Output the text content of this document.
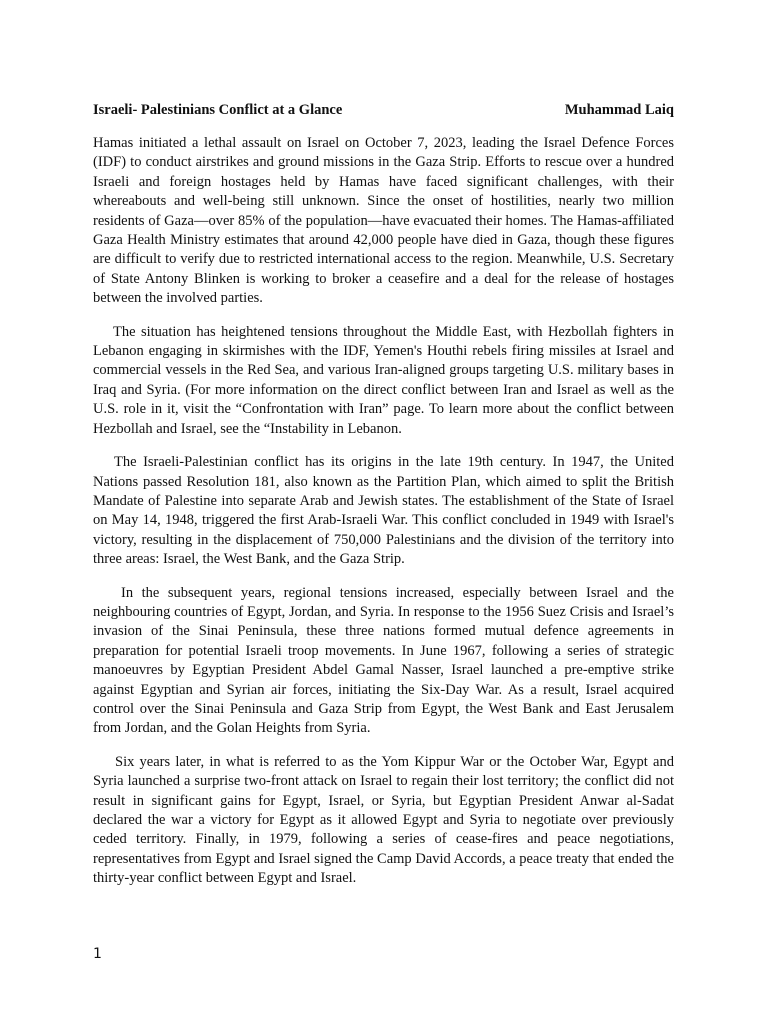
Israeli- Palestinians Conflict at a Glance	Muhammad Laiq

Hamas initiated a lethal assault on Israel on October 7, 2023, leading the Israel Defence Forces (IDF) to conduct airstrikes and ground missions in the Gaza Strip. Efforts to rescue over a hundred Israeli and foreign hostages held by Hamas have faced significant challenges, with their whereabouts and well-being still unknown. Since the onset of hostilities, nearly two million residents of Gaza—over 85% of the population—have evacuated their homes. The Hamas-affiliated Gaza Health Ministry estimates that around 42,000 people have died in Gaza, though these figures are difficult to verify due to restricted international access to the region. Meanwhile, U.S. Secretary of State Antony Blinken is working to broker a ceasefire and a deal for the release of hostages between the involved parties.

The situation has heightened tensions throughout the Middle East, with Hezbollah fighters in Lebanon engaging in skirmishes with the IDF, Yemen's Houthi rebels firing missiles at Israel and commercial vessels in the Red Sea, and various Iran-aligned groups targeting U.S. military bases in Iraq and Syria. (For more information on the direct conflict between Iran and Israel as well as the U.S. role in it, visit the “Confrontation with Iran” page. To learn more about the conflict between Hezbollah and Israel, see the “Instability in Lebanon.

The Israeli-Palestinian conflict has its origins in the late 19th century. In 1947, the United Nations passed Resolution 181, also known as the Partition Plan, which aimed to split the British Mandate of Palestine into separate Arab and Jewish states. The establishment of the State of Israel on May 14, 1948, triggered the first Arab-Israeli War. This conflict concluded in 1949 with Israel's victory, resulting in the displacement of 750,000 Palestinians and the division of the territory into three areas: Israel, the West Bank, and the Gaza Strip.

In the subsequent years, regional tensions increased, especially between Israel and the neighbouring countries of Egypt, Jordan, and Syria. In response to the 1956 Suez Crisis and Israel’s invasion of the Sinai Peninsula, these three nations formed mutual defence agreements in preparation for potential Israeli troop movements. In June 1967, following a series of strategic manoeuvres by Egyptian President Abdel Gamal Nasser, Israel launched a pre-emptive strike against Egyptian and Syrian air forces, initiating the Six-Day War. As a result, Israel acquired control over the Sinai Peninsula and Gaza Strip from Egypt, the West Bank and East Jerusalem from Jordan, and the Golan Heights from Syria.

Six years later, in what is referred to as the Yom Kippur War or the October War, Egypt and Syria launched a surprise two-front attack on Israel to regain their lost territory; the conflict did not result in significant gains for Egypt, Israel, or Syria, but Egyptian President Anwar al-Sadat declared the war a victory for Egypt as it allowed Egypt and Syria to negotiate over previously ceded territory. Finally, in 1979, following a series of cease-fires and peace negotiations, representatives from Egypt and Israel signed the Camp David Accords, a peace treaty that ended the thirty-year conflict between Egypt and Israel.

1
